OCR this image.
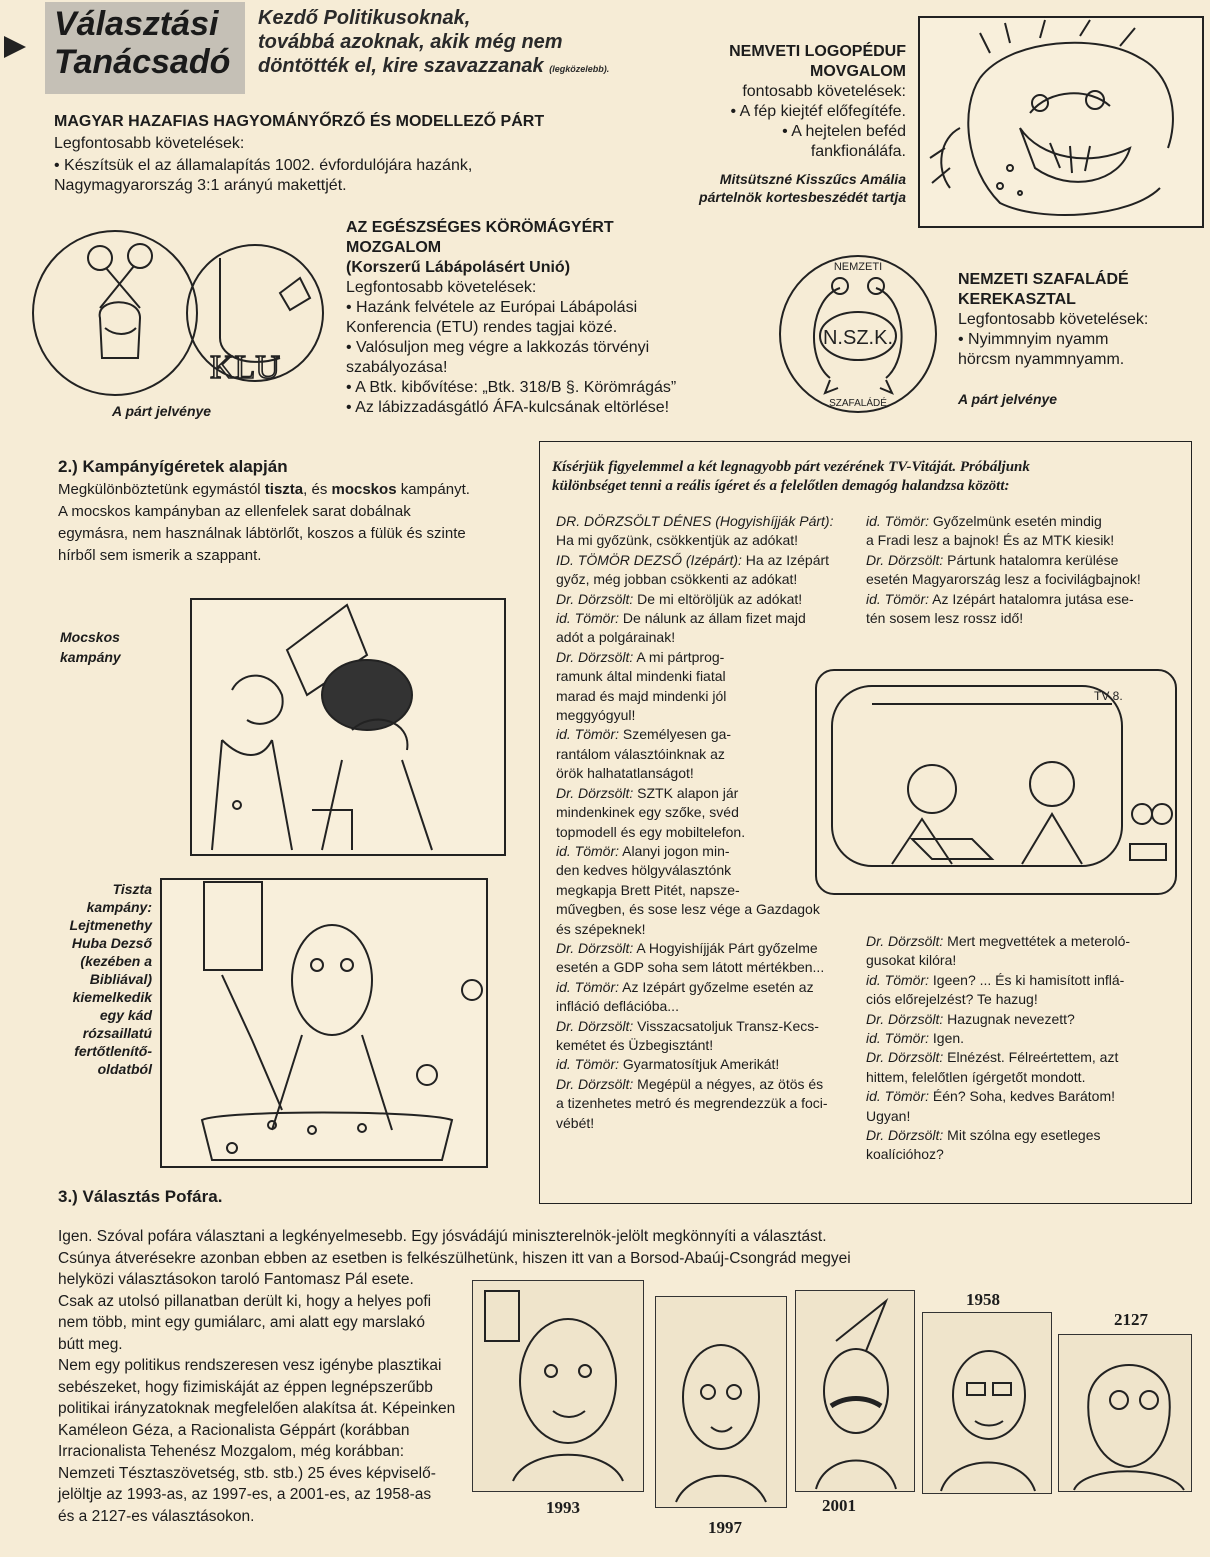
Választási
Tanácsadó
Kezdő Politikusoknak,
továbbá azoknak, akik még nem
döntötték el, kire szavazzanak (legközelebb).
NEMVETI LOGOPÉDUF
MOVGALOM
fontosabb követelések:
• A fép kiejtéf előfegítéfe.
• A hejtelen beféd
fankfionáláfa.
Mitsütszné Kisszűcs Amália
pártelnök kortesbeszédét tartja
MAGYAR HAZAFIAS HAGYOMÁNYŐRZŐ ÉS MODELLEZŐ PÁRT
Legfontosabb követelések:
• Készítsük el az államalapítás 1002. évfordulójára hazánk,
Nagymagyarország 3:1 arányú makettjét.
KLU
A párt jelvénye
AZ EGÉSZSÉGES KÖRÖMÁGYÉRT
MOZGALOM
(Korszerű Lábápolásért Unió)
Legfontosabb követelések:
• Hazánk felvétele az Európai Lábápolási
Konferencia (ETU) rendes tagjai közé.
• Valósuljon meg végre a lakkozás törvényi
szabályozása!
• A Btk. kibővítése: „Btk. 318/B §. Körömrágás”
• Az lábizzadásgátló ÁFA-kulcsának eltörlése!
NEMZETI
SZAFALÁDÉ
N.SZ.K.
NEMZETI SZAFALÁDÉ
KEREKASZTAL
Legfontosabb követelések:
• Nyimmnyim nyamm
hörcsm nyammnyamm.
A párt jelvénye
2.) Kampányígéretek alapján
Megkülönböztetünk egymástól tiszta, és mocskos kampányt.
A mocskos kampányban az ellenfelek sarat dobálnak
egymásra, nem használnak lábtörlőt, koszos a fülük és szinte
hírből sem ismerik a szappant.
Mocskos
kampány
Tiszta
kampány:
Lejtmenethy
Huba Dezső
(kezében a
Bibliával)
kiemelkedik
egy kád
rózsaillatú
fertőtlenítő-
oldatból
Kísérjük figyelemmel a két legnagyobb párt vezérének TV-Vitáját. Próbáljunk
különbséget tenni a reális ígéret és a felelőtlen demagóg halandzsa között:

DR. DÖRZSÖLT DÉNES (Hogyishíjják Párt):

Ha mi győzünk, csökkentjük az adókat!

ID. TÖMÖR DEZSŐ (Izépárt): Ha az Izépárt

győz, még jobban csökkenti az adókat!

Dr. Dörzsölt: De mi eltöröljük az adókat!

id. Tömör: De nálunk az állam fizet majd

adót a polgárainak!

Dr. Dörzsölt: A mi pártprog-

ramunk által mindenki fiatal

marad és majd mindenki jól

meggyógyul!

id. Tömör: Személyesen ga-

rantálom választóinknak az

örök halhatatlanságot!

Dr. Dörzsölt: SZTK alapon jár

mindenkinek egy szőke, svéd

topmodell és egy mobiltelefon.

id. Tömör: Alanyi jogon min-

den kedves hölgyválasztónk

megkapja Brett Pitét, napsze-

művegben, és sose lesz vége a Gazdagok

és szépeknek!

Dr. Dörzsölt: A Hogyishíjják Párt győzelme

esetén a GDP soha sem látott mértékben...

id. Tömör: Az Izépárt győzelme esetén az

infláció deflációba...

Dr. Dörzsölt: Visszacsatoljuk Transz-Kecs-

kemétet és Üzbegisztánt!

id. Tömör: Gyarmatosítjuk Amerikát!

Dr. Dörzsölt: Megépül a négyes, az ötös és

a tizenhetes metró és megrendezzük a foci-

vébét!

id. Tömör: Győzelmünk esetén mindig

a Fradi lesz a bajnok! És az MTK kiesik!

Dr. Dörzsölt: Pártunk hatalomra kerülése

esetén Magyarország lesz a focivilágbajnok!

id. Tömör: Az Izépárt hatalomra jutása ese-

tén sosem lesz rossz idő!

Dr. Dörzsölt: Mert megvettétek a meteroló-

gusokat kilóra!

id. Tömör: Igeen? ... És ki hamisított inflá-

ciós előrejelzést? Te hazug!

Dr. Dörzsölt: Hazugnak nevezett?

id. Tömör: Igen.

Dr. Dörzsölt: Elnézést. Félreértettem, azt

hittem, felelőtlen ígérgetőt mondott.

id. Tömör: Één? Soha, kedves Barátom!

Ugyan!

Dr. Dörzsölt: Mit szólna egy esetleges

koalícióhoz?

TV 8.
3.) Választás Pofára.
Igen. Szóval pofára választani a legkényelmesebb. Egy jósvádájú miniszterelnök-jelölt megkönnyíti a választást.
Csúnya átverésekre azonban ebben az esetben is felkészülhetünk, hiszen itt van a Borsod-Abaúj-Csongrád megyei
helyközi választásokon taroló Fantomasz Pál esete.
Csak az utolsó pillanatban derült ki, hogy a helyes pofi
nem több, mint egy gumiálarc, ami alatt egy marslakó
bútt meg.
Nem egy politikus rendszeresen vesz igénybe plasztikai
sebészeket, hogy fizimiskáját az éppen legnépszerűbb
politikai irányzatoknak megfelelően alakítsa át. Képeinken
Kaméleon Géza, a Racionalista Géppárt (korábban
Irracionalista Tehenész Mozgalom, még korábban:
Nemzeti Tésztaszövetség, stb. stb.) 25 éves képviselő-
jelöltje az 1993-as, az 1997-es, a 2001-es, az 1958-as
és a 2127-es választásokon.	1993
1997
2001
1958
2127
